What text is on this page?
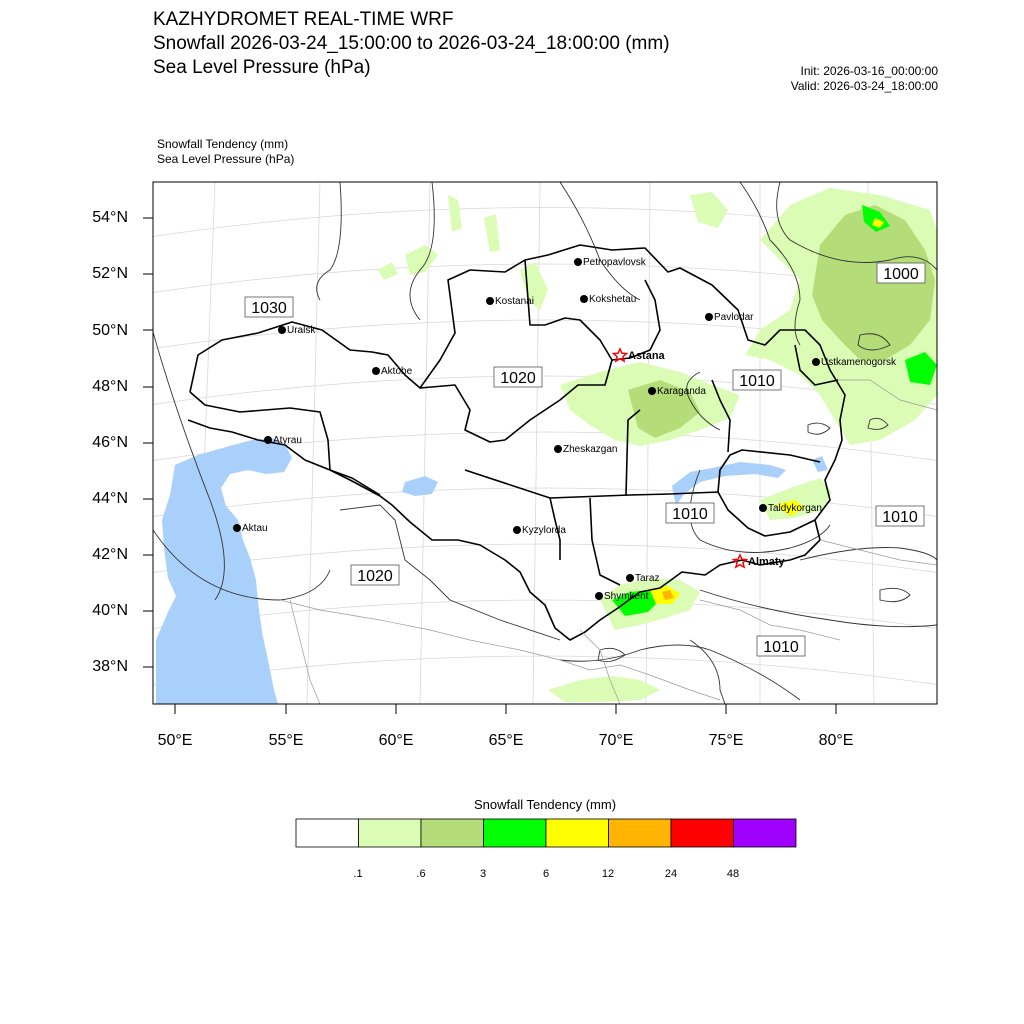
KAZHYDROMET REAL-TIME WRF
Snowfall 2026-03-24_15:00:00 to 2026-03-24_18:00:00 (mm)
Sea Level Pressure (hPa)	Init: 2026-03-16_00:00:00
Valid: 2026-03-24_18:00:00
Snowfall Tendency (mm)
Sea Level Pressure (hPa)
54°N
52°N
50°N
48°N
46°N
44°N
42°N
40°N
38°N
50°E	55°E	60°E	65°E	70°E	75°E	80°E
1030
1020	1010
1000
1010	1010
1020
1010
Petropavlovsk
Kostanai	Kokshetau
Pavlodar
Uralsk
Astana
Aktobe
Ustkamenogorsk
Karaganda
Atyrau
Zheskazgan
Taldykorgan
Aktau	Kyzylorda
Almaty
Taraz
Shymkent
Snowfall Tendency (mm)
.1	.6	3	6	12	24	48
